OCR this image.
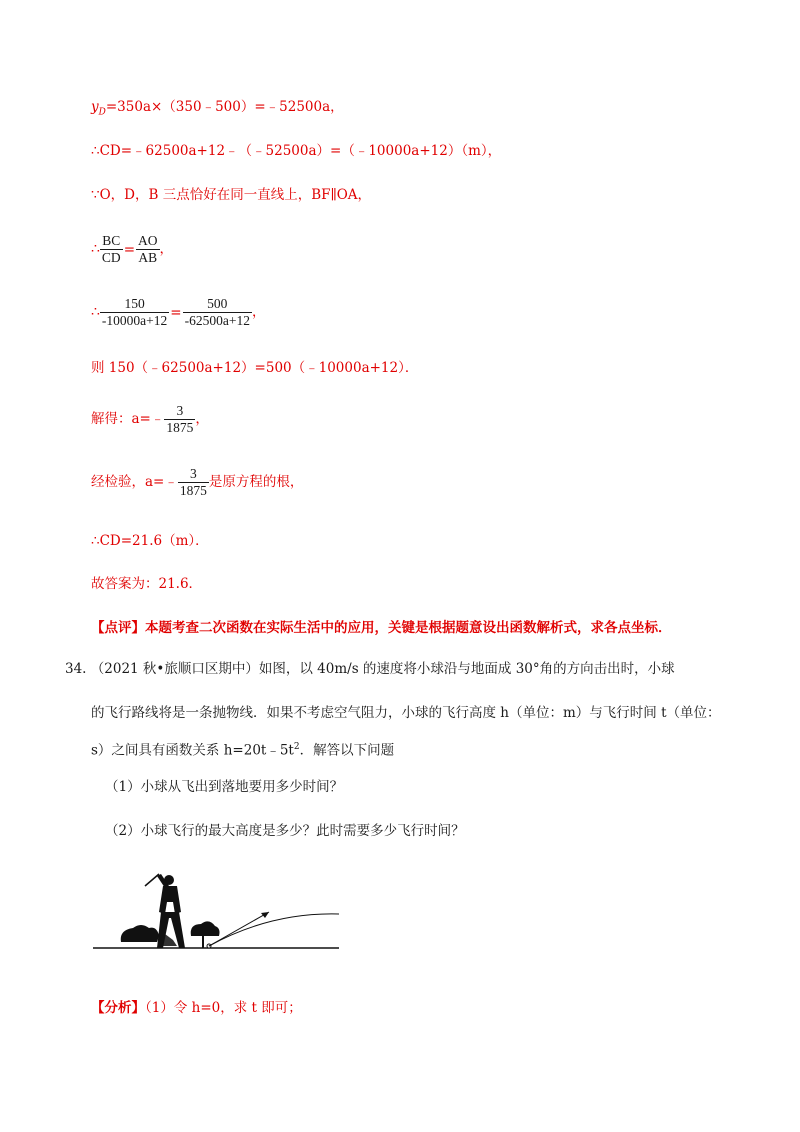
$y_D=350a\times(350﹣500)=﹣52500a$，
∴CD=﹣62500a+12﹣（﹣52500a）=（﹣10000a+12）（m），
∵O，D，B 三点恰好在同一直线上，BF∥OA，
∴ $\frac{BC}{CD} = \frac{AO}{AB}$ ，
∴ $\frac{150}{-10000a+12} = \frac{500}{-62500a+12}$ ，
则 150（﹣62500a+12）=500（﹣10000a+12）．
解得：a=﹣ $\frac{3}{1875}$ ，
经检验，a=﹣ $\frac{3}{1875}$ 是原方程的根，
∴CD=21.6（m）．
故答案为：21.6．
【点评】本题考查二次函数在实际生活中的应用，关键是根据题意设出函数解析式，求各点坐标．
34. （2021 秋•旅顺口区期中）如图，以 40m/s 的速度将小球沿与地面成 30°角的方向击出时，小球
的飞行路线将是一条抛物线．如果不考虑空气阻力，小球的飞行高度 h（单位：m）与飞行时间 t（单位：
s）之间具有函数关系 $h=20t﹣5t^2$．解答以下问题
（1）小球从飞出到落地要用多少时间？
（2）小球飞行的最大高度是多少？此时需要多少飞行时间？
【分析】（1）令 h=0，求 t 即可；
